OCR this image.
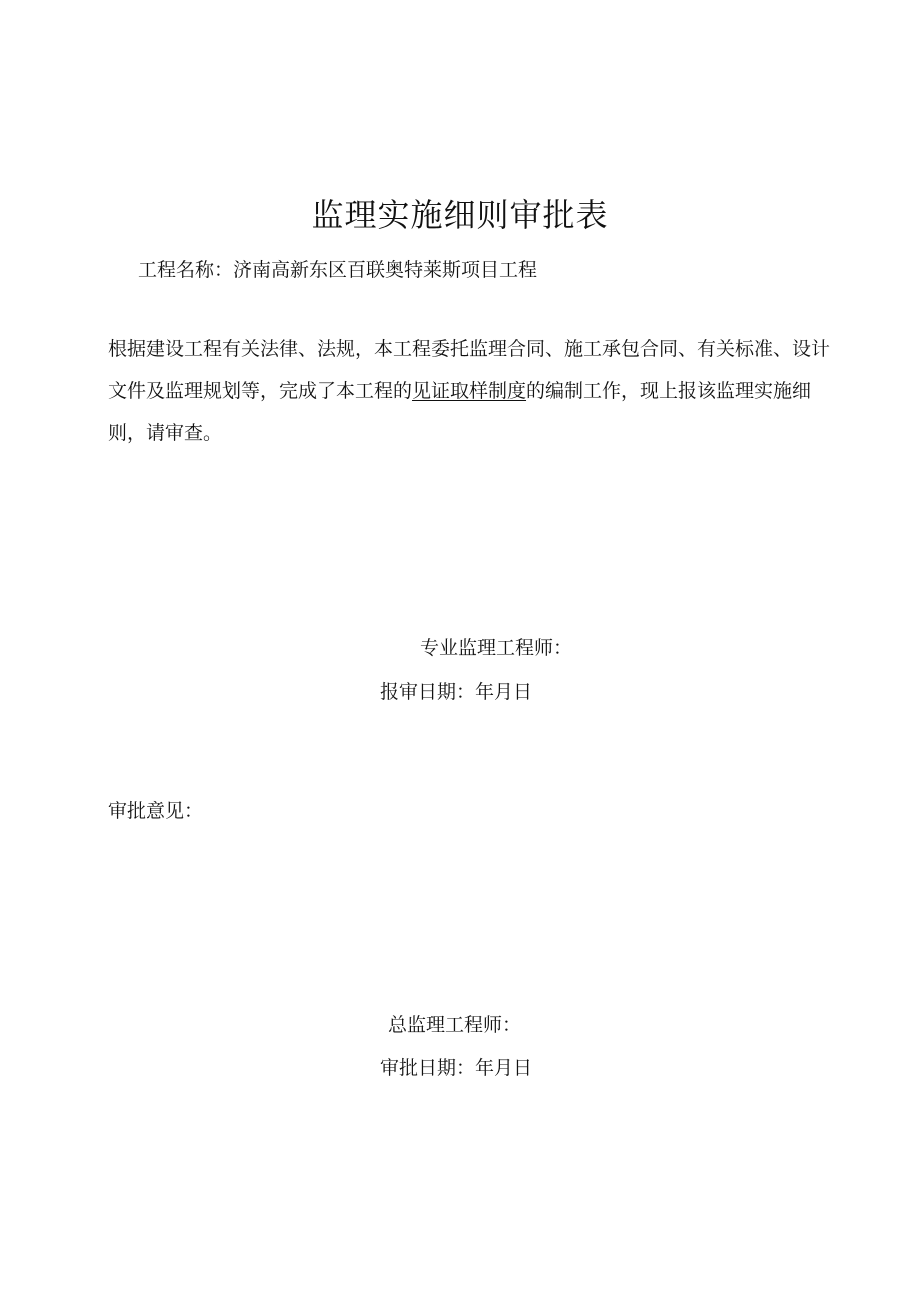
监理实施细则审批表
工程名称：济南高新东区百联奥特莱斯项目工程

根据建设工程有关法律、法规，本工程委托监理合同、施工承包合同、有关标准、设计文件及监理规划等，完成了本工程的见证取样制度的编制工作，现上报该监理实施细则，请审查。

专业监理工程师：
报审日期：年月日
审批意见：
总监理工程师：
审批日期：年月日
